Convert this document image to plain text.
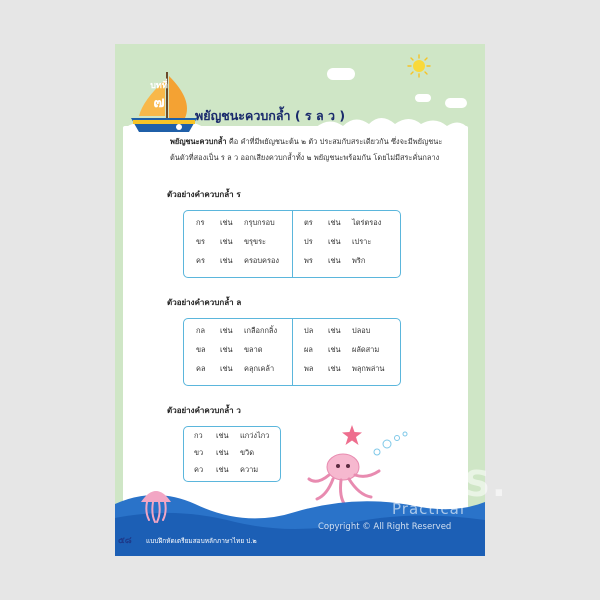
บทที่
๗
พยัญชนะควบกล้ำ ( ร ล ว )
พยัญชนะควบกล้ำ คือ คำที่มีพยัญชนะต้น ๒ ตัว ประสมกับสระเดียวกัน ซึ่งจะมีพยัญชนะต้นตัวที่สองเป็น ร ล ว ออกเสียงควบกล้ำทั้ง ๒ พยัญชนะพร้อมกัน โดยไม่มีสระคั่นกลาง
ตัวอย่างคำควบกล้ำ ร
กร	เช่น	กรุบกรอบ
ขร	เช่น	ขรุขระ
คร	เช่น	ครอบครอง
ตร	เช่น	ไตร่ตรอง
ปร	เช่น	เปราะ
พร	เช่น	พริก
ตัวอย่างคำควบกล้ำ ล
กล	เช่น	เกลือกกลิ้ง
ขล	เช่น	ขลาด
คล	เช่น	คลุกเคล้า
ปล	เช่น	ปลอบ
ผล	เช่น	ผลัดสาม
พล	เช่น	พลุกพล่าน
ตัวอย่างคำควบกล้ำ ว
กว	เช่น	แกว่งไกว
ขว	เช่น	ขวิด
คว	เช่น	ความ	I.S.
๕๘ แบบฝึกหัดเตรียมสอบหลักภาษาไทย ป.๒
Practical
Copyright © All Right Reserved
